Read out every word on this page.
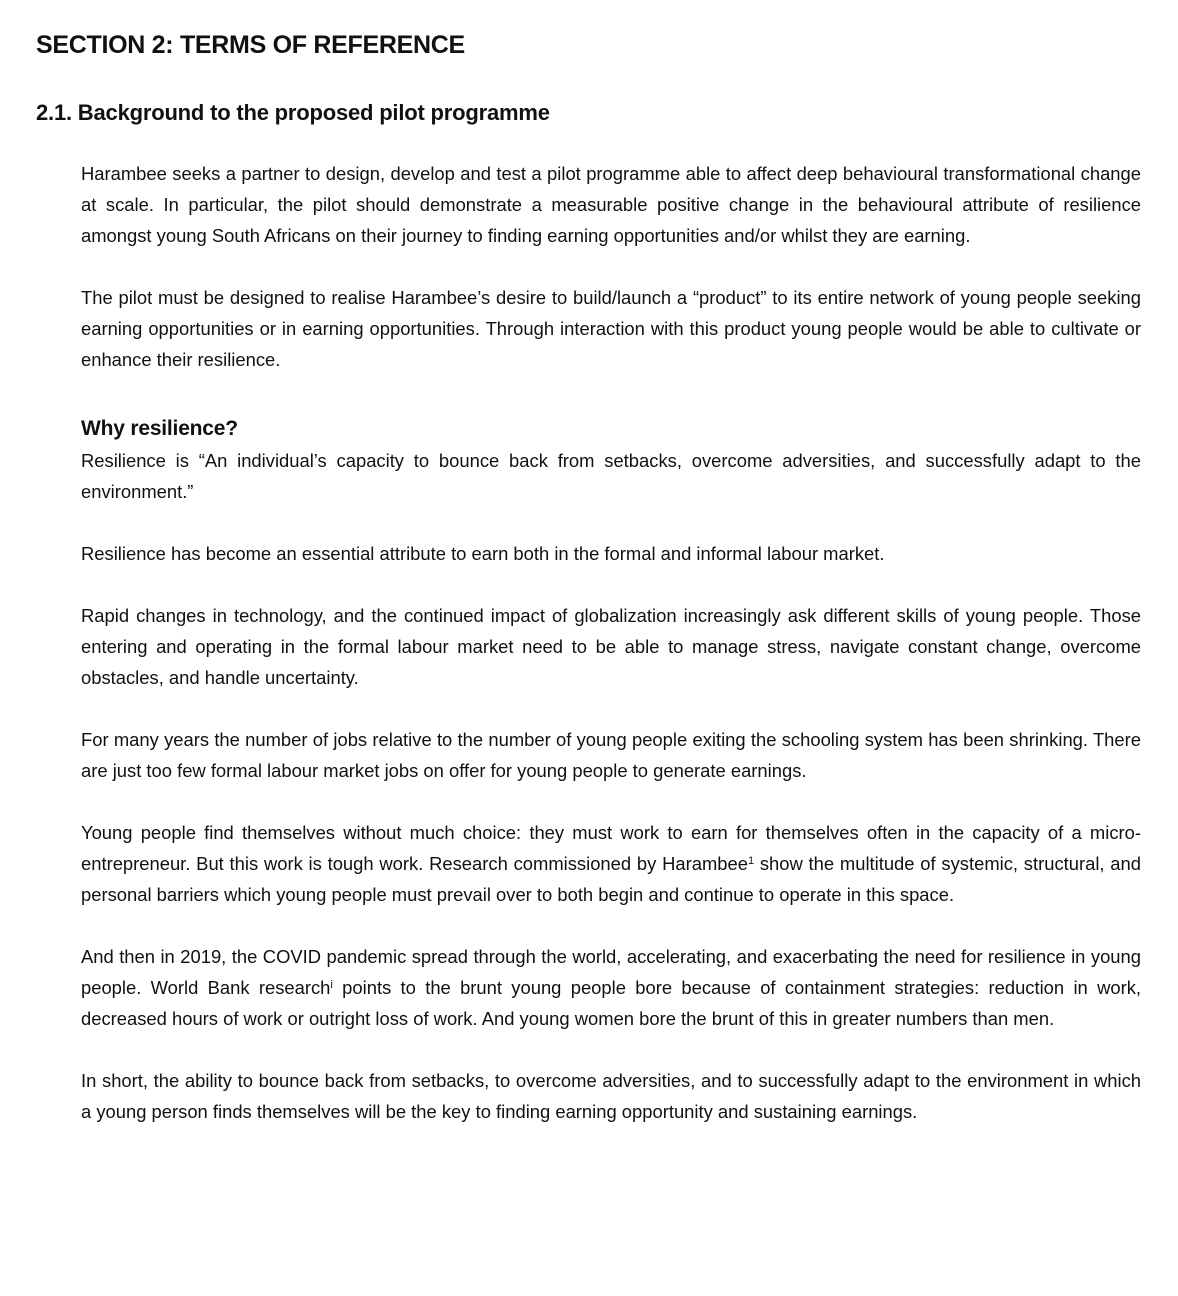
SECTION 2: TERMS OF REFERENCE
2.1. Background to the proposed pilot programme

Harambee seeks a partner to design, develop and test a pilot programme able to affect deep behavioural transformational change at scale. In particular, the pilot should demonstrate a measurable positive change in the behavioural attribute of resilience amongst young South Africans on their journey to finding earning opportunities and/or whilst they are earning.

The pilot must be designed to realise Harambee’s desire to build/launch a “product” to its entire network of young people seeking earning opportunities or in earning opportunities. Through interaction with this product young people would be able to cultivate or enhance their resilience.

Why resilience?

Resilience is “An individual’s capacity to bounce back from setbacks, overcome adversities, and successfully adapt to the environment.”

Resilience has become an essential attribute to earn both in the formal and informal labour market.

Rapid changes in technology, and the continued impact of globalization increasingly ask different skills of young people. Those entering and operating in the formal labour market need to be able to manage stress, navigate constant change, overcome obstacles, and handle uncertainty.

For many years the number of jobs relative to the number of young people exiting the schooling system has been shrinking. There are just too few formal labour market jobs on offer for young people to generate earnings.

Young people find themselves without much choice: they must work to earn for themselves often in the capacity of a micro-entrepreneur. But this work is tough work. Research commissioned by Harambee$^1$ show the multitude of systemic, structural, and personal barriers which young people must prevail over to both begin and continue to operate in this space.

And then in 2019, the COVID pandemic spread through the world, accelerating, and exacerbating the need for resilience in young people. World Bank research$^i$ points to the brunt young people bore because of containment strategies: reduction in work, decreased hours of work or outright loss of work. And young women bore the brunt of this in greater numbers than men.

In short, the ability to bounce back from setbacks, to overcome adversities, and to successfully adapt to the environment in which a young person finds themselves will be the key to finding earning opportunity and sustaining earnings.
